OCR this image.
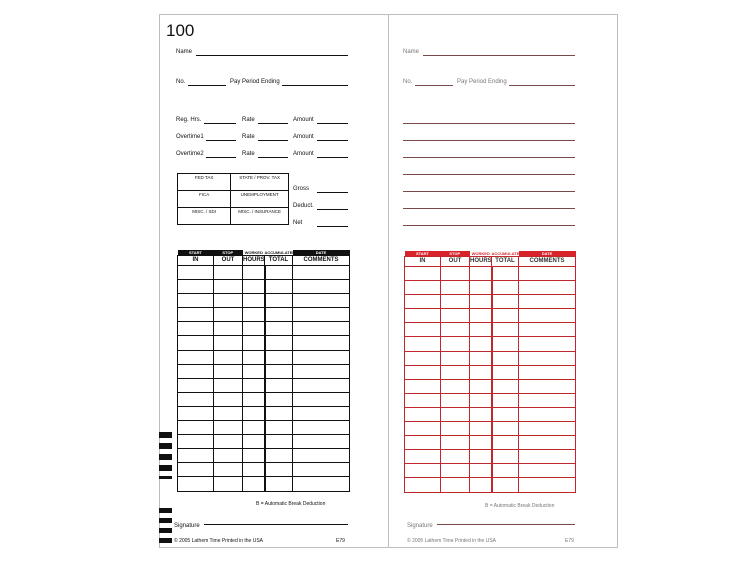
100
Name
No.	Pay Period Ending
Reg. Hrs.	Rate	Amount
Overtime1	Rate	Amount
Overtime2	Rate	Amount
FED TAX	STATE / PROV. TAX
FICA	UNEMPLOYMENT
MISC. / SDI	MISC. / INSURANCE
Gross
Deduct.
Net
START	STOP	WORKED	ACCUMULATED	DATE
IN	OUT	HOURS	TOTAL	COMMENTS

B = Automatic Break Deduction
Signature
© 2005 Lathem Time Printed in the USA	E79
Name
No.	Pay Period Ending
START	STOP	WORKED	ACCUMULATED	DATE
IN	OUT	HOURS	TOTAL	COMMENTS

B = Automatic Break Deduction
Signature
© 2005 Lathem Time Printed in the USA	E79
